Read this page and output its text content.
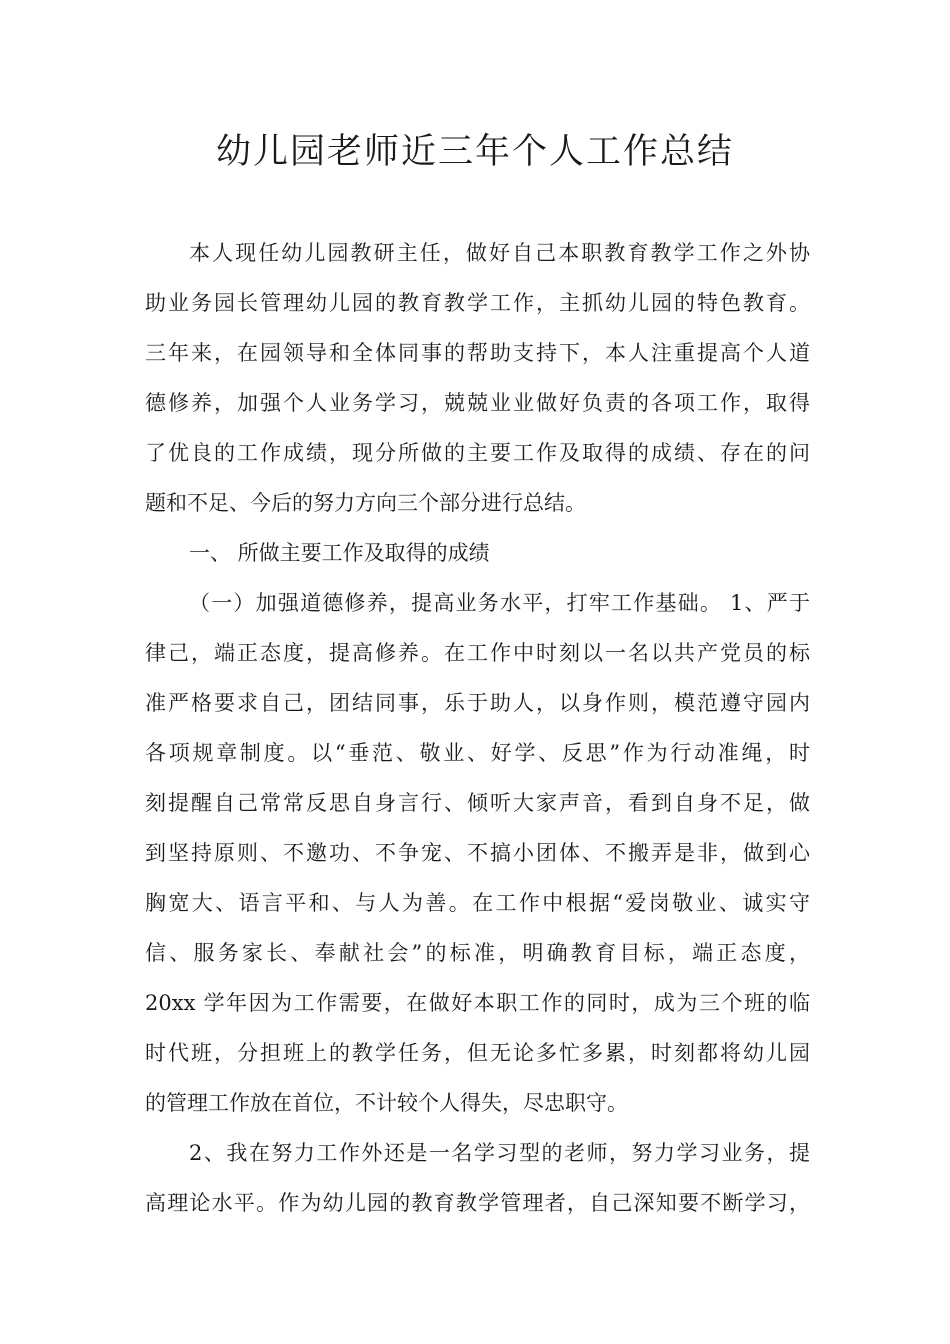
幼儿园老师近三年个人工作总结
本人现任幼儿园教研主任，做好自己本职教育教学工作之外协
助业务园长管理幼儿园的教育教学工作，主抓幼儿园的特色教育。
三年来，在园领导和全体同事的帮助支持下，本人注重提高个人道
德修养，加强个人业务学习，兢兢业业做好负责的各项工作，取得
了优良的工作成绩，现分所做的主要工作及取得的成绩、存在的问
题和不足、今后的努力方向三个部分进行总结。
一、 所做主要工作及取得的成绩
（一）加强道德修养，提高业务水平，打牢工作基础。 1、严于
律己，端正态度，提高修养。在工作中时刻以一名以共产党员的标
准严格要求自己，团结同事，乐于助人，以身作则，模范遵守园内
各项规章制度。以“垂范、敬业、好学、反思”作为行动准绳，时
刻提醒自己常常反思自身言行、倾听大家声音，看到自身不足，做
到坚持原则、不邀功、不争宠、不搞小团体、不搬弄是非，做到心
胸宽大、语言平和、与人为善。在工作中根据“爱岗敬业、诚实守
信、服务家长、奉献社会”的标准，明确教育目标，端正态度，
20xx 学年因为工作需要，在做好本职工作的同时，成为三个班的临
时代班，分担班上的教学任务，但无论多忙多累，时刻都将幼儿园
的管理工作放在首位，不计较个人得失，尽忠职守。
2、我在努力工作外还是一名学习型的老师，努力学习业务，提
高理论水平。作为幼儿园的教育教学管理者，自己深知要不断学习，
